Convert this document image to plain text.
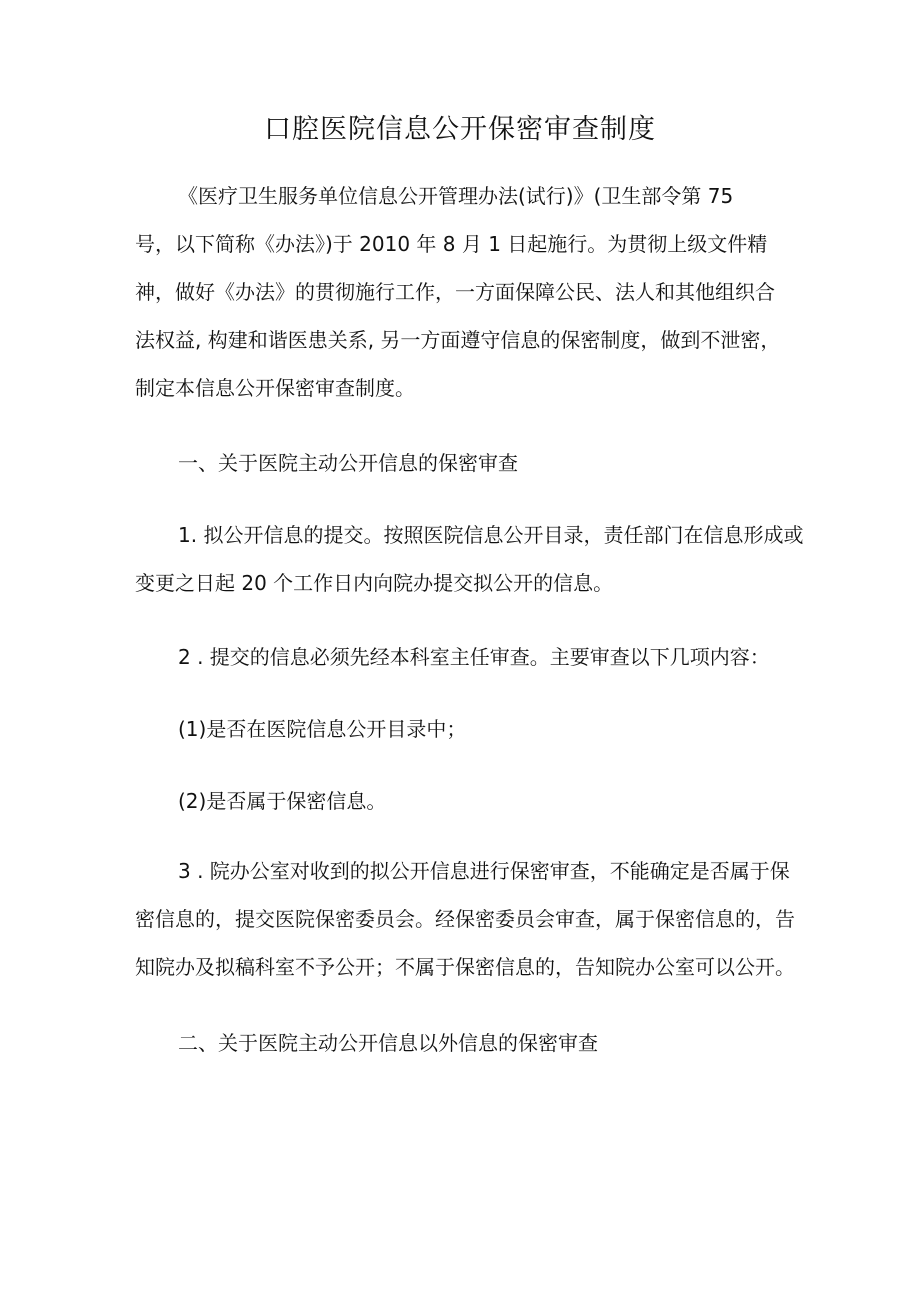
口腔医院信息公开保密审查制度
《医疗卫生服务单位信息公开管理办法(试行)》(卫生部令第 75
号，以下简称《办法》)于 2010 年 8 月 1 日起施行。为贯彻上级文件精
神，做好《办法》的贯彻施行工作，一方面保障公民、法人和其他组织合
法权益, 构建和谐医患关系, 另一方面遵守信息的保密制度，做到不泄密，
制定本信息公开保密审查制度。
一、关于医院主动公开信息的保密审查
1. 拟公开信息的提交。按照医院信息公开目录，责任部门在信息形成或
变更之日起 20 个工作日内向院办提交拟公开的信息。
2 . 提交的信息必须先经本科室主任审查。主要审查以下几项内容：
(1)是否在医院信息公开目录中；
(2)是否属于保密信息。
3 . 院办公室对收到的拟公开信息进行保密审查，不能确定是否属于保
密信息的，提交医院保密委员会。经保密委员会审查，属于保密信息的，告
知院办及拟稿科室不予公开；不属于保密信息的，告知院办公室可以公开。
二、关于医院主动公开信息以外信息的保密审查
